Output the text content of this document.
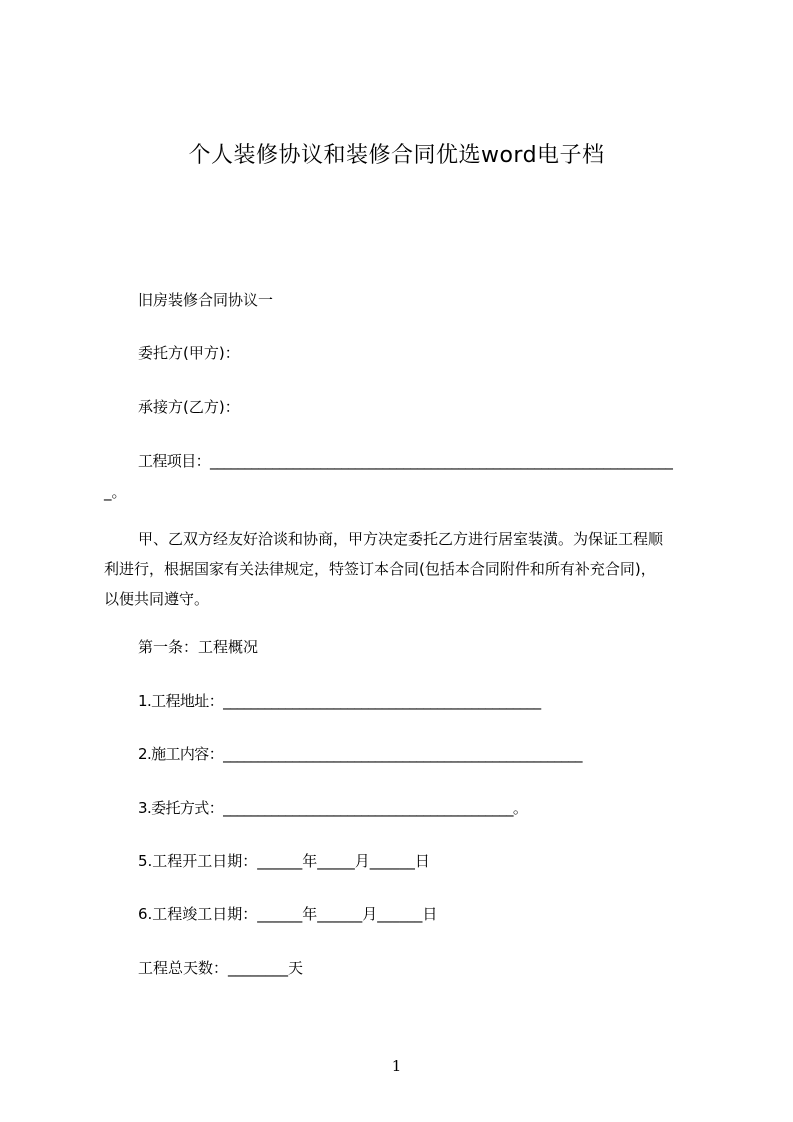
个人装修协议和装修合同优选word电子档
旧房装修合同协议一
委托方(甲方)：
承接方(乙方)：
工程项目：___________________________________________________________________
_。
甲、乙双方经友好洽谈和协商，甲方决定委托乙方进行居室装潢。为保证工程顺
利进行，根据国家有关法律规定，特签订本合同(包括本合同附件和所有补充合同)，
以便共同遵守。
第一条：工程概况
1.工程地址：______________________________________________
2.施工内容：____________________________________________________
3.委托方式：__________________________________________。
5.工程开工日期：______年_____月______日
6.工程竣工日期：______年______月______日
工程总天数：________天
1
